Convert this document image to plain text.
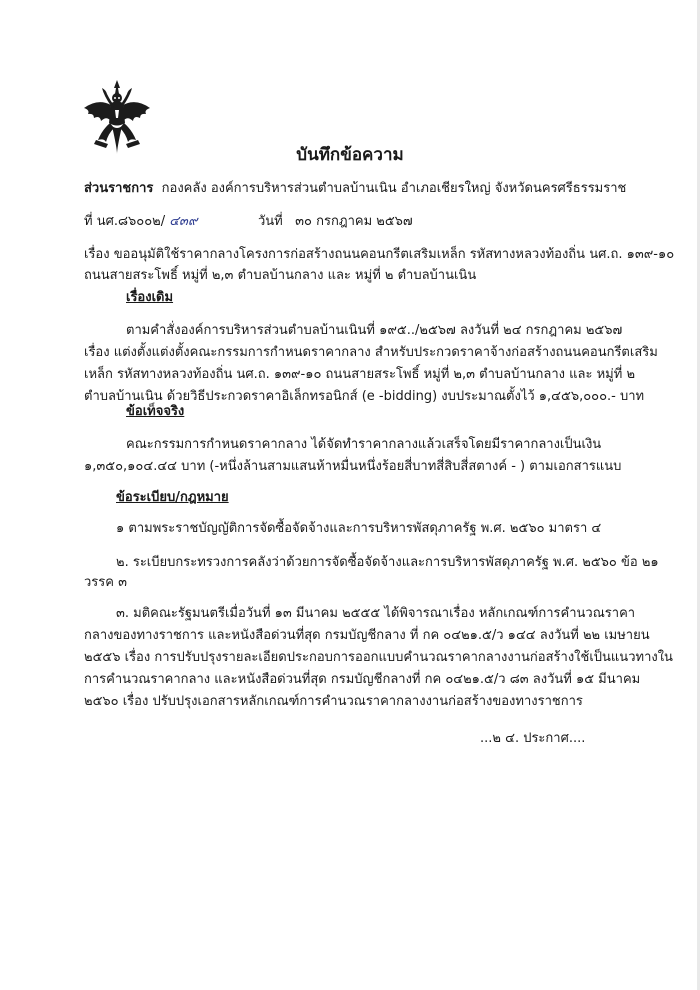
บันทึกข้อความ
ส่วนราชการ กองคลัง องค์การบริหารส่วนตำบลบ้านเนิน อำเภอเชียรใหญ่ จังหวัดนครศรีธรรมราช
ที่ นศ.๘๖๐๐๒/ ๔๓๙	วันที่ ๓๐ กรกฎาคม ๒๕๖๗
เรื่อง ขออนุมัติใช้ราคากลางโครงการก่อสร้างถนนคอนกรีตเสริมเหล็ก รหัสทางหลวงท้องถิ่น นศ.ถ. ๑๓๙-๑๐
ถนนสายสระโพธิ์ หมู่ที่ ๒,๓ ตำบลบ้านกลาง และ หมู่ที่ ๒ ตำบลบ้านเนิน
เรื่องเดิม
ตามคำสั่งองค์การบริหารส่วนตำบลบ้านเนินที่ ๑๙๕../๒๕๖๗ ลงวันที่ ๒๔ กรกฎาคม ๒๕๖๗
เรื่อง แต่งตั้งแต่งตั้งคณะกรรมการกำหนดราคากลาง สำหรับประกวดราคาจ้างก่อสร้างถนนคอนกรีตเสริม
เหล็ก รหัสทางหลวงท้องถิ่น นศ.ถ. ๑๓๙-๑๐ ถนนสายสระโพธิ์ หมู่ที่ ๒,๓ ตำบลบ้านกลาง และ หมู่ที่ ๒
ตำบลบ้านเนิน ด้วยวิธีประกวดราคาอิเล็กทรอนิกส์ (e -bidding) งบประมาณตั้งไว้ ๑,๔๕๖,๐๐๐.- บาท
ข้อเท็จจริง
คณะกรรมการกำหนดราคากลาง ได้จัดทำราคากลางแล้วเสร็จโดยมีราคากลางเป็นเงิน
๑,๓๕๐,๑๐๔.๔๔ บาท (-หนึ่งล้านสามแสนห้าหมื่นหนึ่งร้อยสี่บาทสี่สิบสี่สตางค์ - ) ตามเอกสารแนบ
ข้อระเบียบ/กฎหมาย
๑ ตามพระราชบัญญัติการจัดซื้อจัดจ้างและการบริหารพัสดุภาครัฐ พ.ศ. ๒๕๖๐ มาตรา ๔
๒. ระเบียบกระทรวงการคลังว่าด้วยการจัดซื้อจัดจ้างและการบริหารพัสดุภาครัฐ พ.ศ. ๒๕๖๐ ข้อ ๒๑
วรรค ๓
๓. มติคณะรัฐมนตรีเมื่อวันที่ ๑๓ มีนาคม ๒๕๕๕ ได้พิจารณาเรื่อง หลักเกณฑ์การคำนวณราคา
กลางของทางราชการ และหนังสือด่วนที่สุด กรมบัญชีกลาง ที่ กค ๐๔๒๑.๕/ว ๑๔๔ ลงวันที่ ๒๒ เมษายน
๒๕๕๖ เรื่อง การปรับปรุงรายละเอียดประกอบการออกแบบคำนวณราคากลางงานก่อสร้างใช้เป็นแนวทางใน
การคำนวณราคากลาง และหนังสือด่วนที่สุด กรมบัญชีกลางที่ กค ๐๔๒๑.๕/ว ๘๓ ลงวันที่ ๑๕ มีนาคม
๒๕๖๐ เรื่อง ปรับปรุงเอกสารหลักเกณฑ์การคำนวณราคากลางงานก่อสร้างของทางราชการ
...๒ ๔. ประกาศ....
